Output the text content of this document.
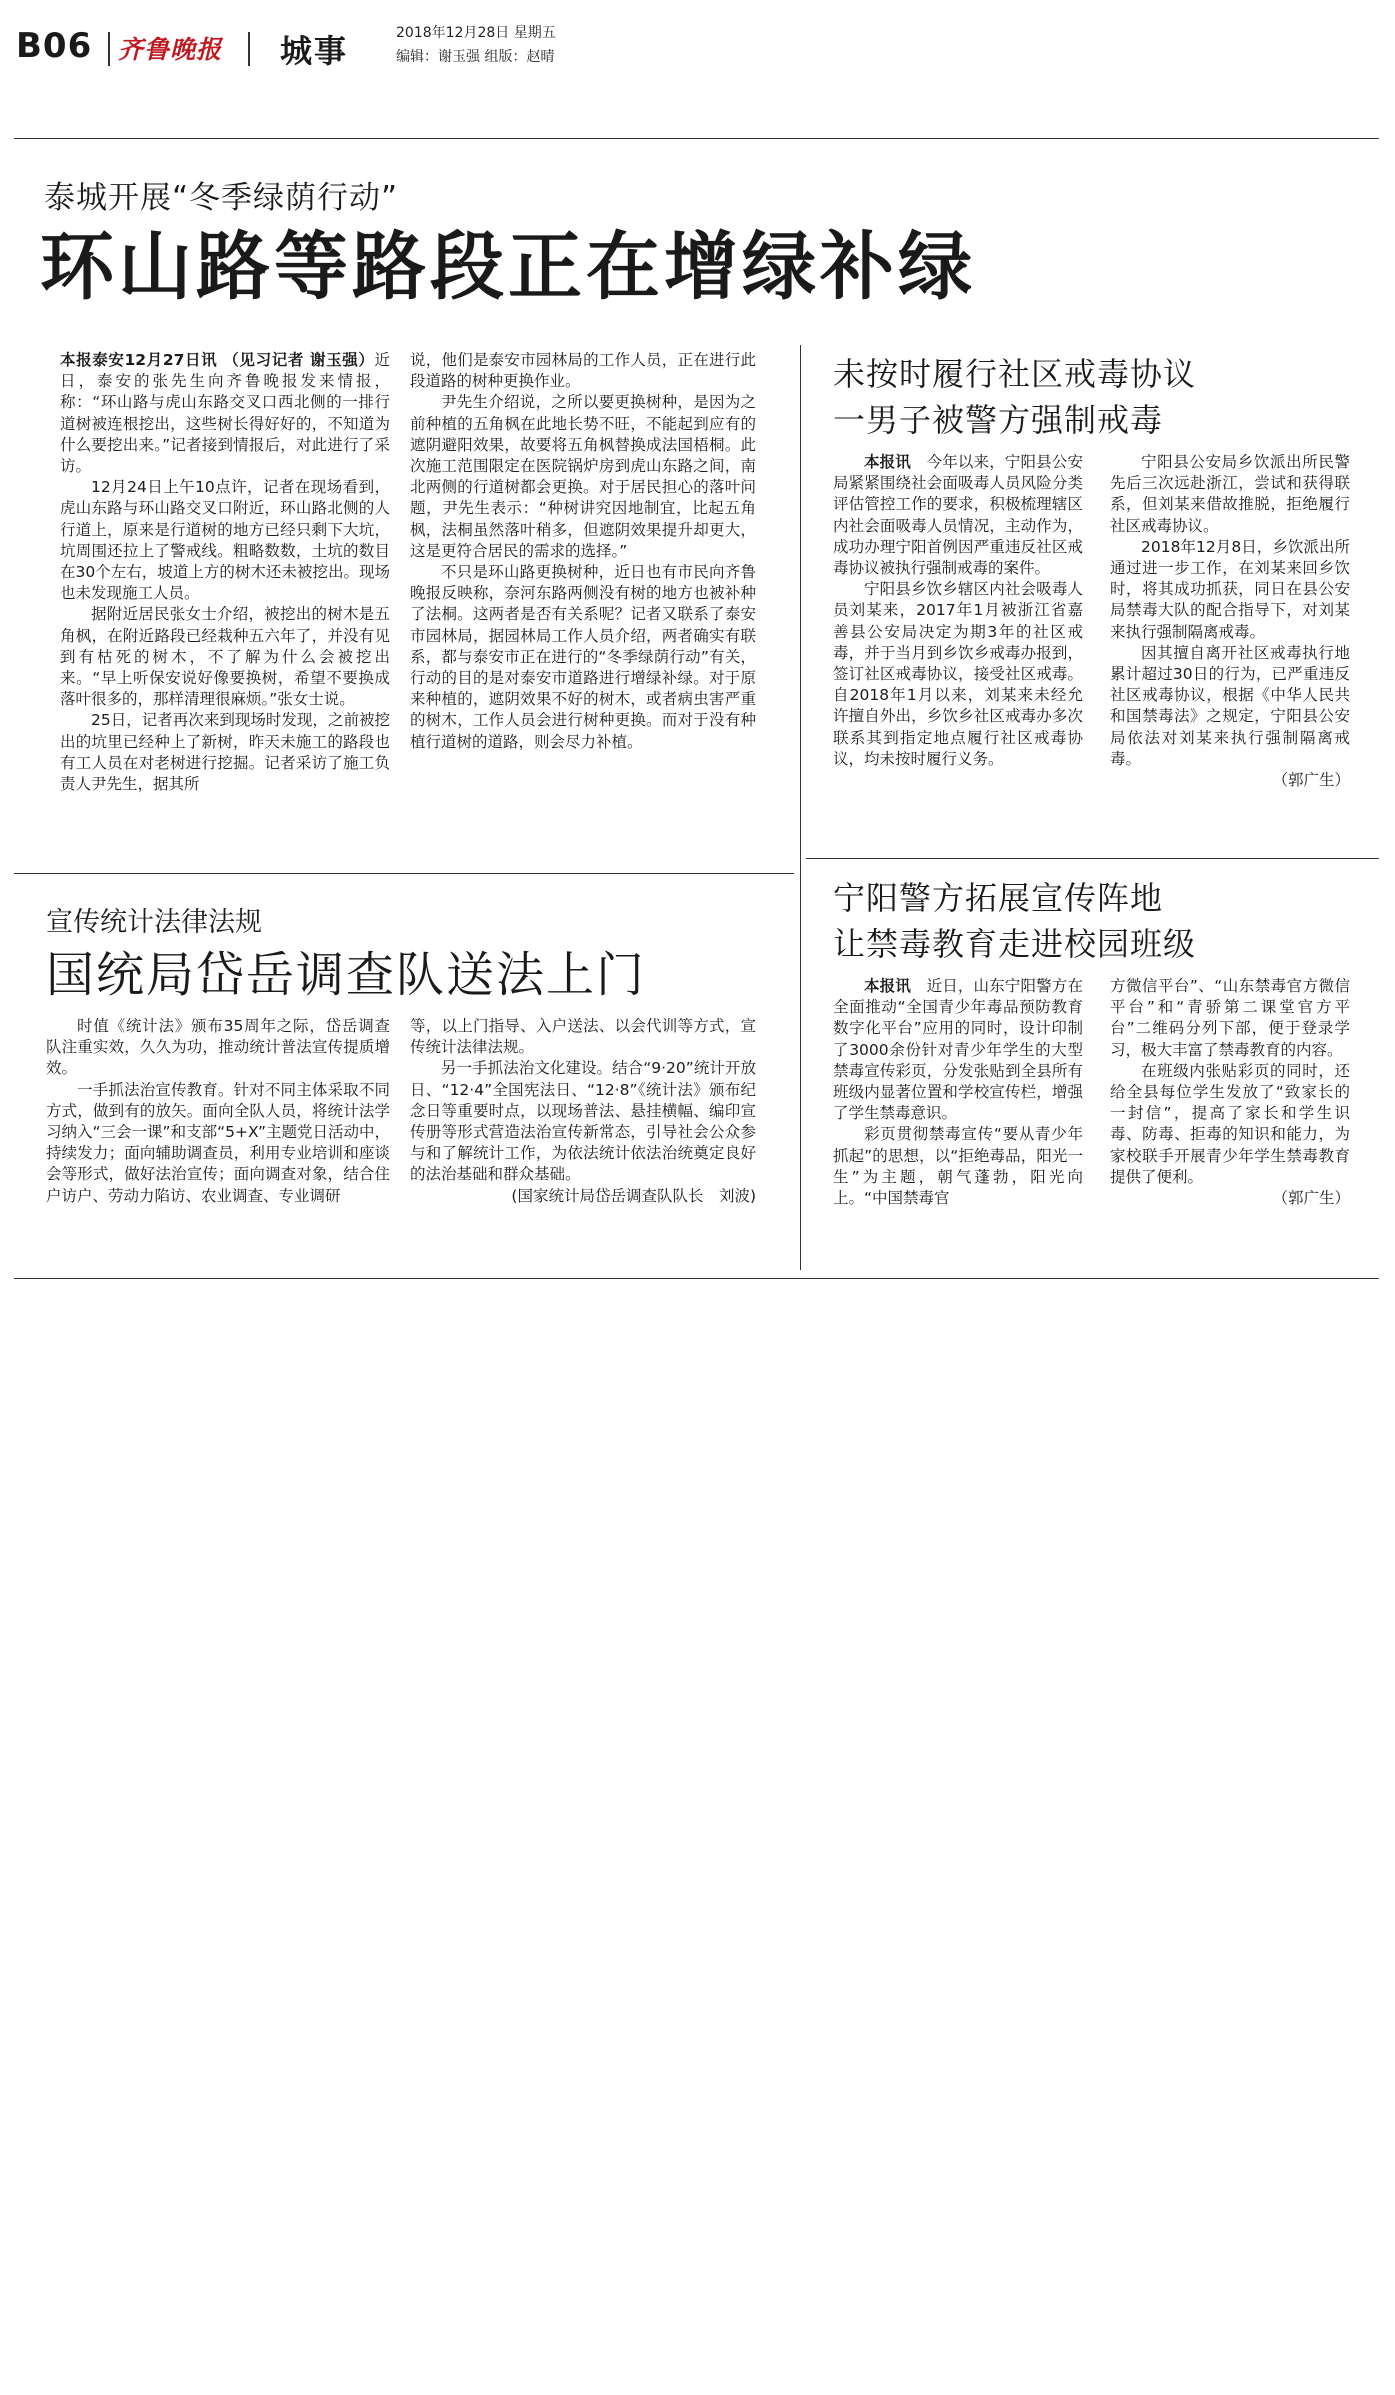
B06 齐鲁晚报 城事	2018年12月28日 星期五
编辑：谢玉强 组版：赵晴
泰城开展“冬季绿荫行动”
环山路等路段正在增绿补绿

本报泰安12月27日讯 （见习记者 谢玉强）近日，泰安的张先生向齐鲁晚报发来情报，称：“环山路与虎山东路交叉口西北侧的一排行道树被连根挖出，这些树长得好好的，不知道为什么要挖出来。”记者接到情报后，对此进行了采访。

12月24日上午10点许，记者在现场看到，虎山东路与环山路交叉口附近，环山路北侧的人行道上，原来是行道树的地方已经只剩下大坑，坑周围还拉上了警戒线。粗略数数，土坑的数目在30个左右，坡道上方的树木还未被挖出。现场也未发现施工人员。

据附近居民张女士介绍，被挖出的树木是五角枫，在附近路段已经栽种五六年了，并没有见到有枯死的树木，不了解为什么会被挖出来。“早上听保安说好像要换树，希望不要换成落叶很多的，那样清理很麻烦。”张女士说。

25日，记者再次来到现场时发现，之前被挖出的坑里已经种上了新树，昨天未施工的路段也有工人员在对老树进行挖掘。记者采访了施工负责人尹先生，据其所

说，他们是泰安市园林局的工作人员，正在进行此段道路的树种更换作业。

尹先生介绍说，之所以要更换树种，是因为之前种植的五角枫在此地长势不旺，不能起到应有的遮阴避阳效果，故要将五角枫替换成法国梧桐。此次施工范围限定在医院锅炉房到虎山东路之间，南北两侧的行道树都会更换。对于居民担心的落叶问题，尹先生表示：“种树讲究因地制宜，比起五角枫，法桐虽然落叶稍多，但遮阴效果提升却更大，这是更符合居民的需求的选择。”

不只是环山路更换树种，近日也有市民向齐鲁晚报反映称，奈河东路两侧没有树的地方也被补种了法桐。这两者是否有关系呢？记者又联系了泰安市园林局，据园林局工作人员介绍，两者确实有联系，都与泰安市正在进行的“冬季绿荫行动”有关，行动的目的是对泰安市道路进行增绿补绿。对于原来种植的，遮阴效果不好的树木，或者病虫害严重的树木，工作人员会进行树种更换。而对于没有种植行道树的道路，则会尽力补植。

未按时履行社区戒毒协议
一男子被警方强制戒毒

本报讯　 今年以来，宁阳县公安局紧紧围绕社会面吸毒人员风险分类评估管控工作的要求，积极梳理辖区内社会面吸毒人员情况，主动作为，成功办理宁阳首例因严重违反社区戒毒协议被执行强制戒毒的案件。

宁阳县乡饮乡辖区内社会吸毒人员刘某来，2017年1月被浙江省嘉善县公安局决定为期3年的社区戒毒，并于当月到乡饮乡戒毒办报到，签订社区戒毒协议，接受社区戒毒。自2018年1月以来，刘某来未经允许擅自外出，乡饮乡社区戒毒办多次联系其到指定地点履行社区戒毒协议，均未按时履行义务。

宁阳县公安局乡饮派出所民警先后三次远赴浙江，尝试和获得联系，但刘某来借故推脱，拒绝履行社区戒毒协议。

2018年12月8日，乡饮派出所通过进一步工作，在刘某来回乡饮时，将其成功抓获，同日在县公安局禁毒大队的配合指导下，对刘某来执行强制隔离戒毒。

因其擅自离开社区戒毒执行地累计超过30日的行为，已严重违反社区戒毒协议，根据《中华人民共和国禁毒法》之规定，宁阳县公安局依法对刘某来执行强制隔离戒毒。

（郭广生）
宣传统计法律法规
国统局岱岳调查队送法上门

时值《统计法》颁布35周年之际，岱岳调查队注重实效，久久为功，推动统计普法宣传提质增效。

一手抓法治宣传教育。针对不同主体采取不同方式，做到有的放矢。面向全队人员，将统计法学习纳入“三会一课”和支部“5+X”主题党日活动中，持续发力；面向辅助调查员，利用专业培训和座谈会等形式，做好法治宣传；面向调查对象，结合住户访户、劳动力陷访、农业调查、专业调研

等，以上门指导、入户送法、以会代训等方式，宣传统计法律法规。

另一手抓法治文化建设。结合“9·20”统计开放日、“12·4”全国宪法日、“12·8”《统计法》颁布纪念日等重要时点，以现场普法、悬挂横幅、编印宣传册等形式营造法治宣传新常态，引导社会公众参与和了解统计工作，为依法统计依法治统奠定良好的法治基础和群众基础。

(国家统计局岱岳调查队队长　刘波)
宁阳警方拓展宣传阵地
让禁毒教育走进校园班级

本报讯　 近日，山东宁阳警方在全面推动“全国青少年毒品预防教育数字化平台”应用的同时，设计印制了3000余份针对青少年学生的大型禁毒宣传彩页，分发张贴到全县所有班级内显著位置和学校宣传栏，增强了学生禁毒意识。

彩页贯彻禁毒宣传“要从青少年抓起”的思想，以“拒绝毒品，阳光一生”为主题，朝气蓬勃，阳光向上。“中国禁毒官

方微信平台”、“山东禁毒官方微信平台”和“青骄第二课堂官方平台”二维码分列下部，便于登录学习，极大丰富了禁毒教育的内容。

在班级内张贴彩页的同时，还给全县每位学生发放了“致家长的一封信”，提高了家长和学生识毒、防毒、拒毒的知识和能力，为家校联手开展青少年学生禁毒教育提供了便利。

（郭广生）
